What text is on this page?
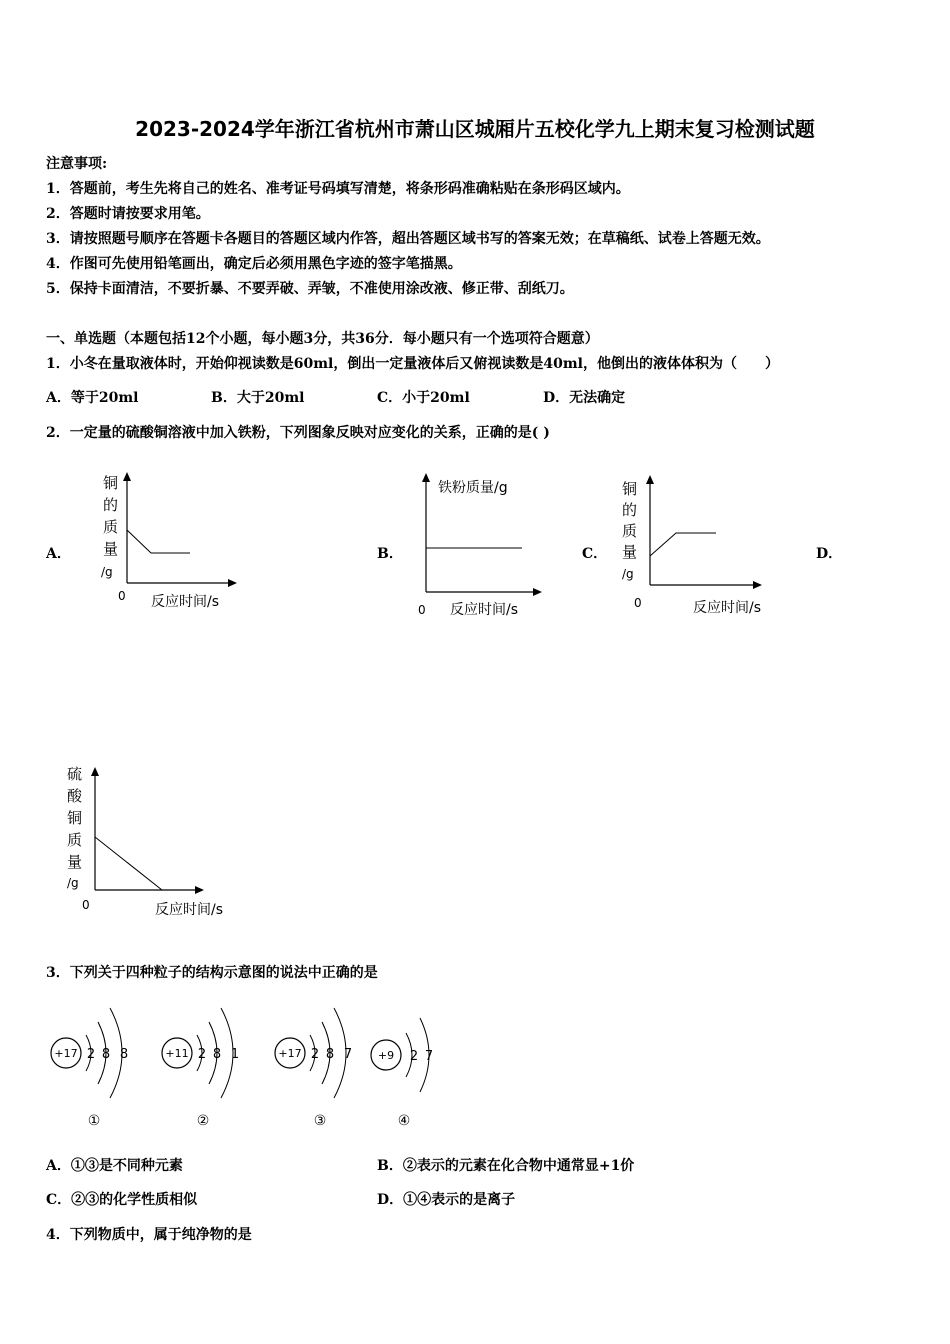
2023-2024学年浙江省杭州市萧山区城厢片五校化学九上期末复习检测试题
注意事项:
1．答题前，考生先将自己的姓名、准考证号码填写清楚，将条形码准确粘贴在条形码区域内。
2．答题时请按要求用笔。
3．请按照题号顺序在答题卡各题目的答题区域内作答，超出答题区域书写的答案无效；在草稿纸、试卷上答题无效。
4．作图可先使用铅笔画出，确定后必须用黑色字迹的签字笔描黑。
5．保持卡面清洁，不要折暴、不要弄破、弄皱，不准使用涂改液、修正带、刮纸刀。
一、单选题（本题包括12个小题，每小题3分，共36分．每小题只有一个选项符合题意）
1．小冬在量取液体时，开始仰视读数是60ml，倒出一定量液体后又俯视读数是40ml，他倒出的液体体积为（　　）
A．等于20ml	B．大于20ml	C．小于20ml	D．无法确定
2．一定量的硫酸铜溶液中加入铁粉，下列图象反映对应变化的关系，正确的是( )
A．	B．	C．	D．
铜
的
质
量
/g
0 反应时间/s
铁粉质量/g
0 反应时间/s
铜
的
质
量
/g
0	反应时间/s
硫
酸
铜
质
量
/g
0	反应时间/s
3．下列关于四种粒子的结构示意图的说法中正确的是
+17 2 8 8
①
+11 2 8 1
②
+17 2 8 7
③
+9 2 7
④
A．①③是不同种元素	B．②表示的元素在化合物中通常显+1价
C．②③的化学性质相似	D．①④表示的是离子
4．下列物质中，属于纯净物的是
